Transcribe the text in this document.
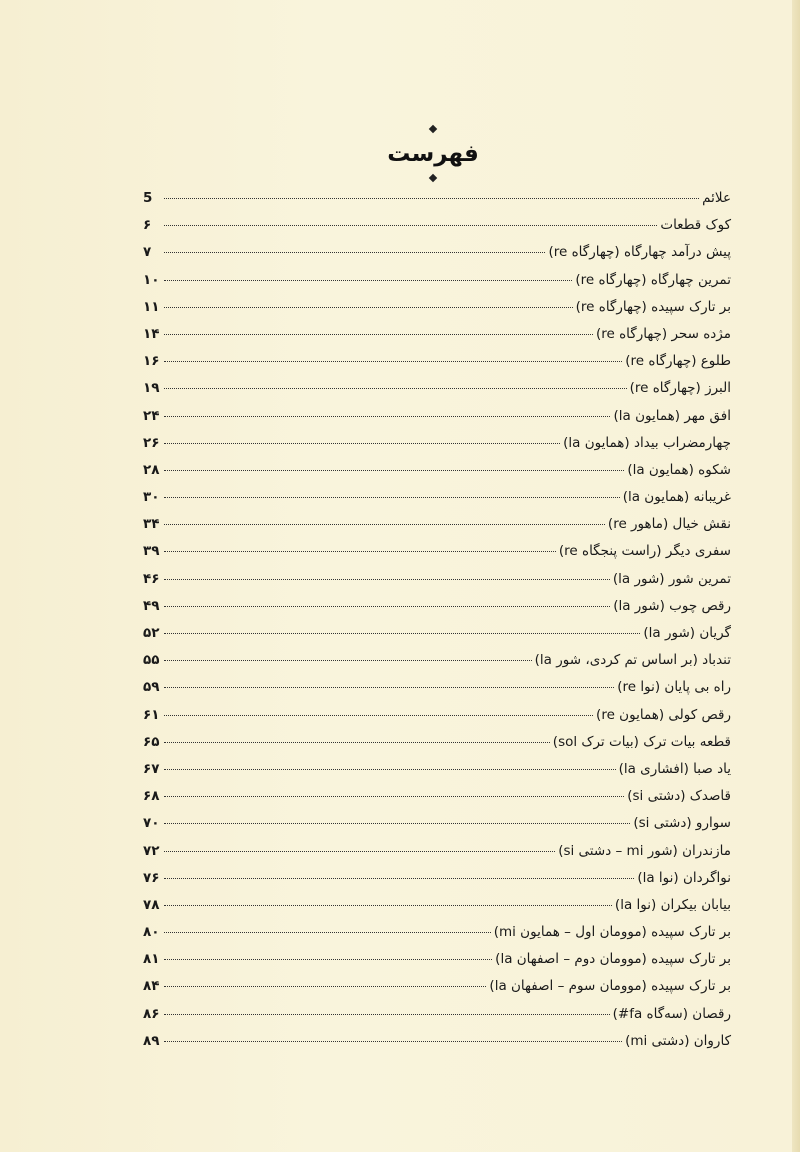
فهرست
علائم
5
کوک قطعات
۶
پیش درآمد چهارگاه (چهارگاه re)
۷
تمرین چهارگاه (چهارگاه re)
۱۰
بر تارک سپیده (چهارگاه re)
۱۱
مژده سحر (چهارگاه re)
۱۴
طلوع (چهارگاه re)
۱۶
البرز (چهارگاه re)
۱۹
افق مهر (همایون la)
۲۴
چهارمضراب بیداد (همایون la)
۲۶
شکوه (همایون la)
۲۸
غریبانه (همایون la)
۳۰
نقش خیال (ماهور re)
۳۴
سفری دیگر (راست پنجگاه re)
۳۹
تمرین شور (شور la)
۴۶
رقص چوب (شور la)
۴۹
گریان (شور la)
۵۲
تندباد (بر اساس تم کردی، شور la)
۵۵
راه بی پایان (نوا re)
۵۹
رقص کولی (همایون re)
۶۱
قطعه بیات ترک (بیات ترک sol)
۶۵
یاد صبا (افشاری la)
۶۷
قاصدک (دشتی si)
۶۸
سوارو (دشتی si)
۷۰
مازندران (شور mi – دشتی si)
۷۲
نواگردان (نوا la)
۷۶
بیابان بیکران (نوا la)
۷۸
بر تارک سپیده (موومان اول – همایون mi)
۸۰
بر تارک سپیده (موومان دوم – اصفهان la)
۸۱
بر تارک سپیده (موومان سوم – اصفهان la)
۸۴
رقصان (سه‌گاه fa#)
۸۶
کاروان (دشتی mi)
۸۹
